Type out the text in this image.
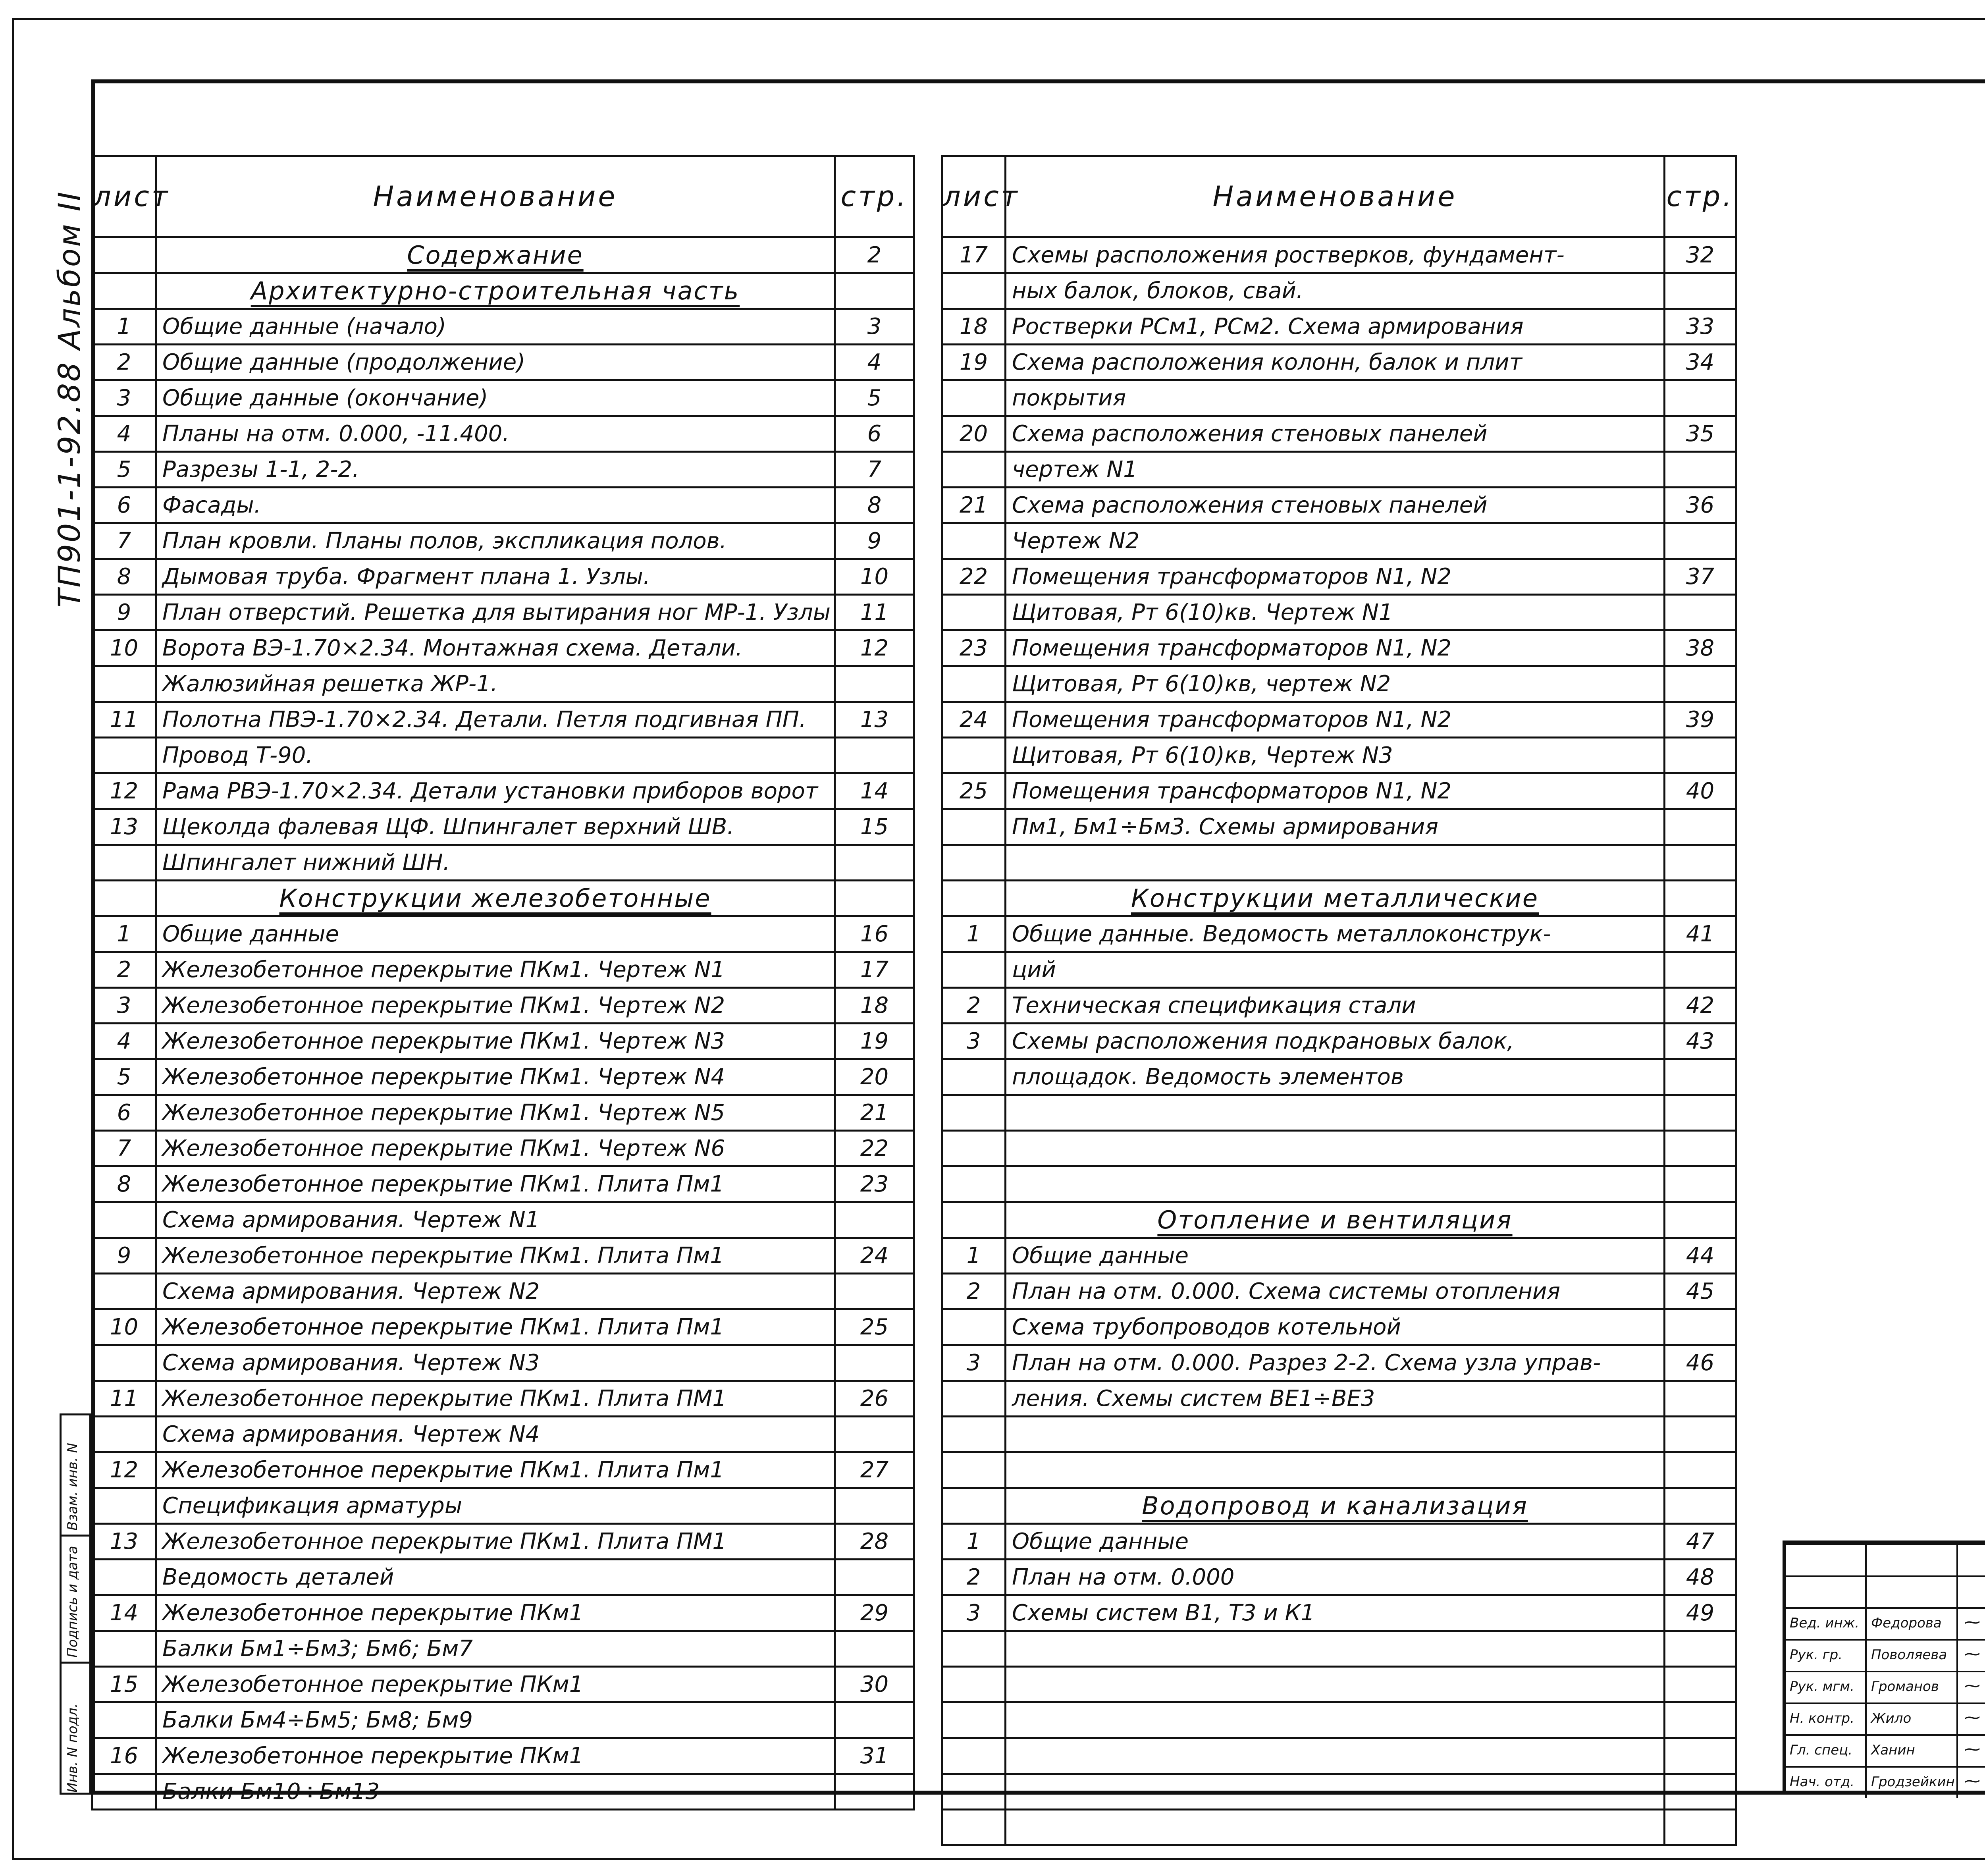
ТП901-1-92.88 Альбом II лист	Наименование	стр.
	Содержание	2
	Архитектурно-строительная часть	
1	Общие данные (начало)	3
2	Общие данные (продолжение)	4
3	Общие данные (окончание)	5
4	Планы на отм. 0.000, -11.400.	6
5	Разрезы 1-1, 2-2.	7
6	Фасады.	8
7	План кровли. Планы полов, экспликация полов.	9
8	Дымовая труба. Фрагмент плана 1. Узлы.	10
9	План отверстий. Решетка для вытирания ног МР-1. Узлы	11
10	Ворота ВЭ-1.70×2.34. Монтажная схема. Детали.	12
	Жалюзийная решетка ЖР-1.	
11	Полотна ПВЭ-1.70×2.34. Детали. Петля подгивная ПП.	13
	Провод Т-90.	
12	Рама РВЭ-1.70×2.34. Детали установки приборов ворот	14
13	Щеколда фалевая ЩФ. Шпингалет верхний ШВ.	15
	Шпингалет нижний ШН.	
	Конструкции железобетонные	
1	Общие данные	16
2	Железобетонное перекрытие ПКм1. Чертеж N1	17
3	Железобетонное перекрытие ПКм1. Чертеж N2	18
4	Железобетонное перекрытие ПКм1. Чертеж N3	19
5	Железобетонное перекрытие ПКм1. Чертеж N4	20
6	Железобетонное перекрытие ПКм1. Чертеж N5	21
7	Железобетонное перекрытие ПКм1. Чертеж N6	22
8	Железобетонное перекрытие ПКм1. Плита Пм1	23
	Схема армирования. Чертеж N1	
9	Железобетонное перекрытие ПКм1. Плита Пм1	24
	Схема армирования. Чертеж N2	
10	Железобетонное перекрытие ПКм1. Плита Пм1	25
	Схема армирования. Чертеж N3	
11	Железобетонное перекрытие ПКм1. Плита ПМ1	26
	Схема армирования. Чертеж N4	
12	Железобетонное перекрытие ПКм1. Плита Пм1	27
	Спецификация арматуры	
13	Железобетонное перекрытие ПКм1. Плита ПМ1	28
	Ведомость деталей	
14	Железобетонное перекрытие ПКм1	29
	Балки Бм1÷Бм3; Бм6; Бм7	
15	Железобетонное перекрытие ПКм1	30
	Балки Бм4÷Бм5; Бм8; Бм9	
16	Железобетонное перекрытие ПКм1	31
	Балки Бм10÷Бм13	
лист	Наименование	стр.
17	Схемы расположения ростверков, фундамент-	32
	ных балок, блоков, свай.	
18	Ростверки РСм1, РСм2. Схема армирования	33
19	Схема расположения колонн, балок и плит	34
	покрытия	
20	Схема расположения стеновых панелей	35
	чертеж N1	
21	Схема расположения стеновых панелей	36
	Чертеж N2	
22	Помещения трансформаторов N1, N2	37
	Щитовая, Рт 6(10)кв. Чертеж N1	
23	Помещения трансформаторов N1, N2	38
	Щитовая, Рт 6(10)кв, чертеж N2	
24	Помещения трансформаторов N1, N2	39
	Щитовая, Рт 6(10)кв, Чертеж N3	
25	Помещения трансформаторов N1, N2	40
	Пм1, Бм1÷Бм3. Схемы армирования	

	Конструкции металлические	
1	Общие данные. Ведомость металлоконструк-	41
	ций	
2	Техническая спецификация стали	42
3	Схемы расположения подкрановых балок,	43
	площадок. Ведомость элементов	

	Отопление и вентиляция	
1	Общие данные	44
2	План на отм. 0.000. Схема системы отопления	45
	Схема трубопроводов котельной	
3	План на отм. 0.000. Разрез 2-2. Схема узла управ-	46
	ления. Схемы систем ВЕ1÷ВЕ3	

	Водопровод и канализация	
1	Общие данные	47
2	План на отм. 0.000	48
3	Схемы систем В1, Т3 и К1	49

Взам. инв. N
Подпись и дата
Инв. N подл.
Вед. инж. Федорова ⁓
Рук. гр. Поволяева ⁓
Рук. мгм. Громанов ⁓
Н. контр. Жило	⁓
Гл. спец. Ханин	⁓
Нач. отд. Гродзейкин ⁓
